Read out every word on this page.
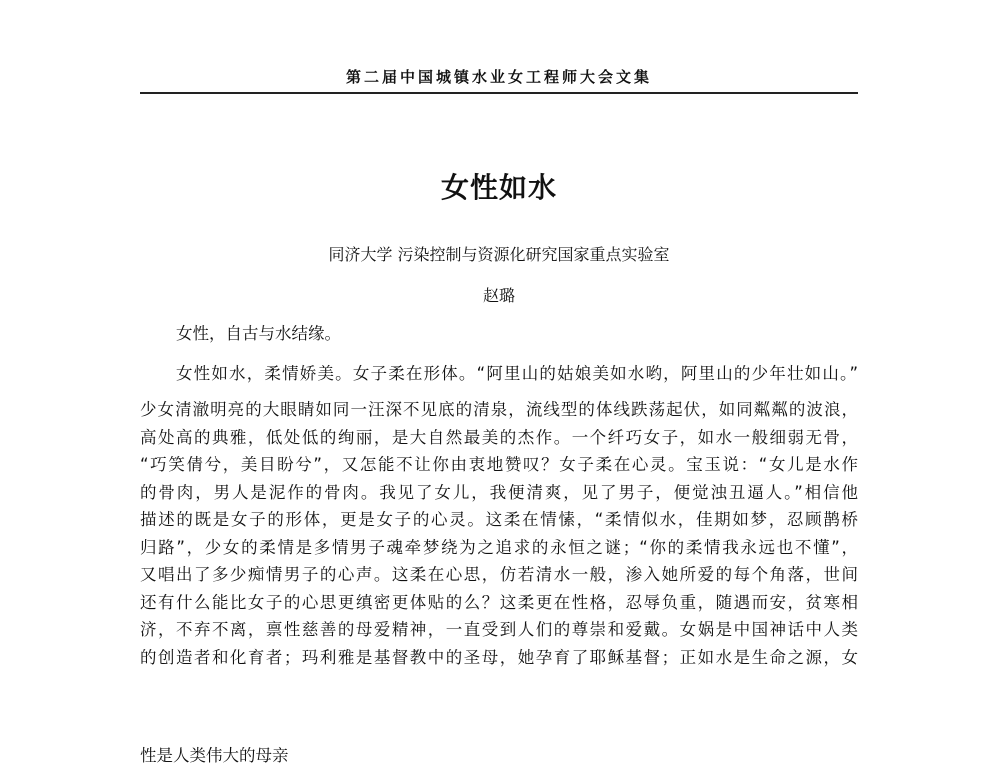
第二届中国城镇水业女工程师大会文集
女性如水
同济大学 污染控制与资源化研究国家重点实验室
赵璐
女性，自古与水结缘。
女性如水，柔情娇美。女子柔在形体。“阿里山的姑娘美如水哟，阿里山的少年壮如山。”
少女清澈明亮的大眼睛如同一汪深不见底的清泉，流线型的体线跌荡起伏，如同粼粼的波浪，
高处高的典雅，低处低的绚丽，是大自然最美的杰作。一个纤巧女子，如水一般细弱无骨，
“巧笑倩兮，美目盼兮”，又怎能不让你由衷地赞叹？女子柔在心灵。宝玉说：“女儿是水作
的骨肉，男人是泥作的骨肉。我见了女儿，我便清爽，见了男子，便觉浊丑逼人。”相信他
描述的既是女子的形体，更是女子的心灵。这柔在情愫，“柔情似水，佳期如梦，忍顾鹊桥
归路”，少女的柔情是多情男子魂牵梦绕为之追求的永恒之谜；“你的柔情我永远也不懂”，
又唱出了多少痴情男子的心声。这柔在心思，仿若清水一般，渗入她所爱的每个角落，世间
还有什么能比女子的心思更缜密更体贴的么？这柔更在性格，忍辱负重，随遇而安，贫寒相
济，不弃不离，禀性慈善的母爱精神，一直受到人们的尊崇和爱戴。女娲是中国神话中人类
的创造者和化育者；玛利雅是基督教中的圣母，她孕育了耶稣基督；正如水是生命之源，女
性是人类伟大的母亲
